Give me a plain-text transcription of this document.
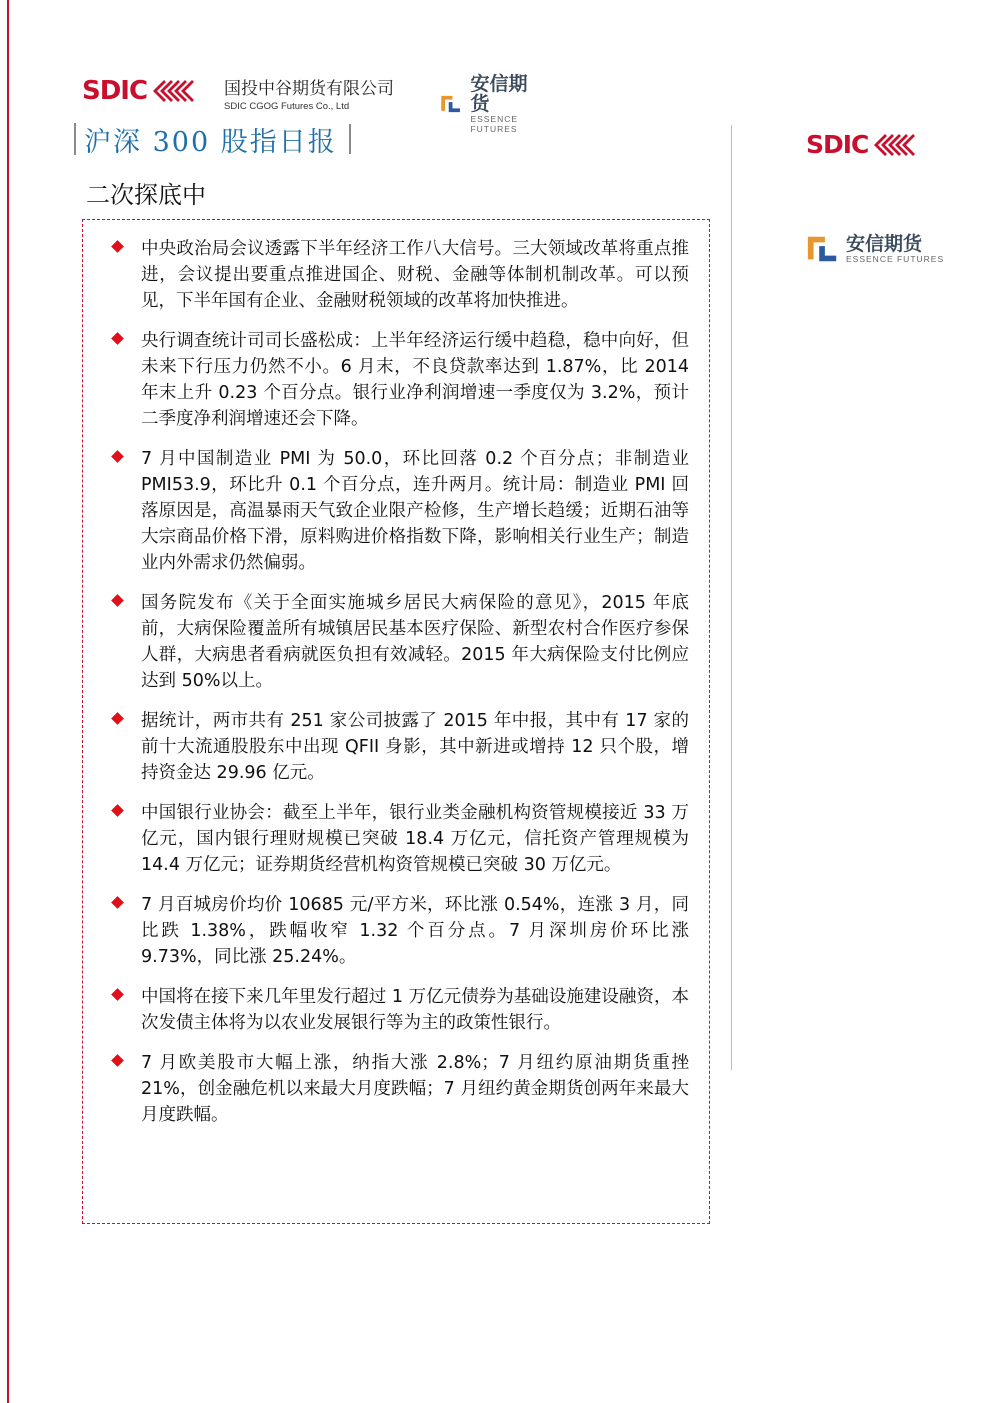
SDIC	国投中谷期货有限公司
SDIC CGOG Futures Co., Ltd
安信期货
ESSENCE FUTURES
沪深 300 股指日报
二次探底中
中央政治局会议透露下半年经济工作八大信号。三大领域改革将重点推进，会议提出要重点推进国企、财税、金融等体制机制改革。可以预见，下半年国有企业、金融财税领域的改革将加快推进。
央行调查统计司司长盛松成：上半年经济运行缓中趋稳，稳中向好，但未来下行压力仍然不小。6 月末，不良贷款率达到 1.87%，比 2014 年末上升 0.23 个百分点。银行业净利润增速一季度仅为 3.2%，预计二季度净利润增速还会下降。
7 月中国制造业 PMI 为 50.0，环比回落 0.2 个百分点；非制造业 PMI53.9，环比升 0.1 个百分点，连升两月。统计局：制造业 PMI 回落原因是，高温暴雨天气致企业限产检修，生产增长趋缓；近期石油等大宗商品价格下滑，原料购进价格指数下降，影响相关行业生产；制造业内外需求仍然偏弱。
国务院发布《关于全面实施城乡居民大病保险的意见》，2015 年底前，大病保险覆盖所有城镇居民基本医疗保险、新型农村合作医疗参保人群，大病患者看病就医负担有效减轻。2015 年大病保险支付比例应达到 50%以上。
据统计，两市共有 251 家公司披露了 2015 年中报，其中有 17 家的前十大流通股股东中出现 QFII 身影，其中新进或增持 12 只个股，增持资金达 29.96 亿元。
中国银行业协会：截至上半年，银行业类金融机构资管规模接近 33 万亿元，国内银行理财规模已突破 18.4 万亿元，信托资产管理规模为 14.4 万亿元；证券期货经营机构资管规模已突破 30 万亿元。
7 月百城房价均价 10685 元/平方米，环比涨 0.54%，连涨 3 月，同比跌 1.38%，跌幅收窄 1.32 个百分点。7 月深圳房价环比涨 9.73%，同比涨 25.24%。
中国将在接下来几年里发行超过 1 万亿元债券为基础设施建设融资，本次发债主体将为以农业发展银行等为主的政策性银行。
7 月欧美股市大幅上涨，纳指大涨 2.8%；7 月纽约原油期货重挫 21%，创金融危机以来最大月度跌幅；7 月纽约黄金期货创两年来最大月度跌幅。
SDIC
安信期货
ESSENCE FUTURES
